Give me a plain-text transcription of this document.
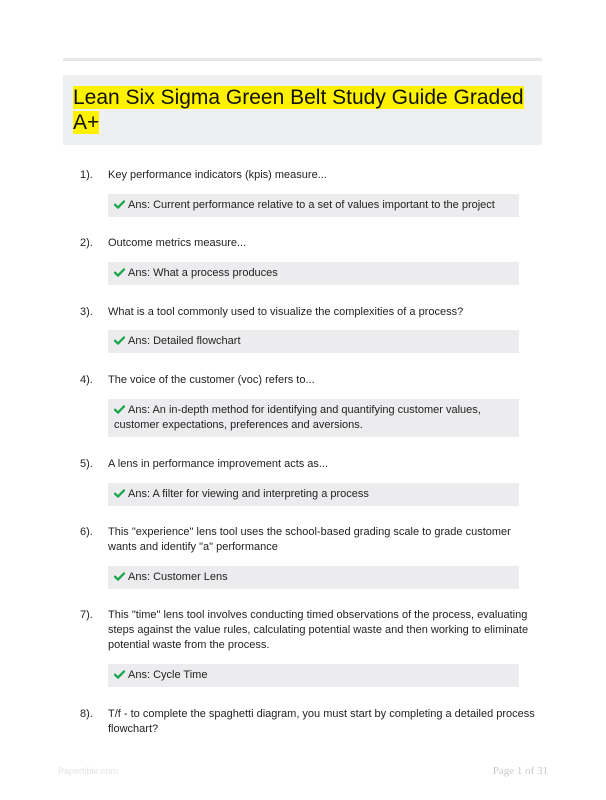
Lean Six Sigma Green Belt Study Guide Graded A+
1). Key performance indicators (kpis) measure...
Ans: Current performance relative to a set of values important to the project
2). Outcome metrics measure...
Ans: What a process produces
3). What is a tool commonly used to visualize the complexities of a process?
Ans: Detailed flowchart
4). The voice of the customer (voc) refers to...
Ans: An in-depth method for identifying and quantifying customer values, customer expectations, preferences and aversions.
5). A lens in performance improvement acts as...
Ans: A filter for viewing and interpreting a process
6). This "experience" lens tool uses the school-based grading scale to grade customer wants and identify "a" performance
Ans: Customer Lens
7). This "time" lens tool involves conducting timed observations of the process, evaluating steps against the value rules, calculating potential waste and then working to eliminate potential waste from the process.
Ans: Cycle Time
8). T/f - to complete the spaghetti diagram, you must start by completing a detailed process flowchart?
Papertible.com	Page 1 of 31
